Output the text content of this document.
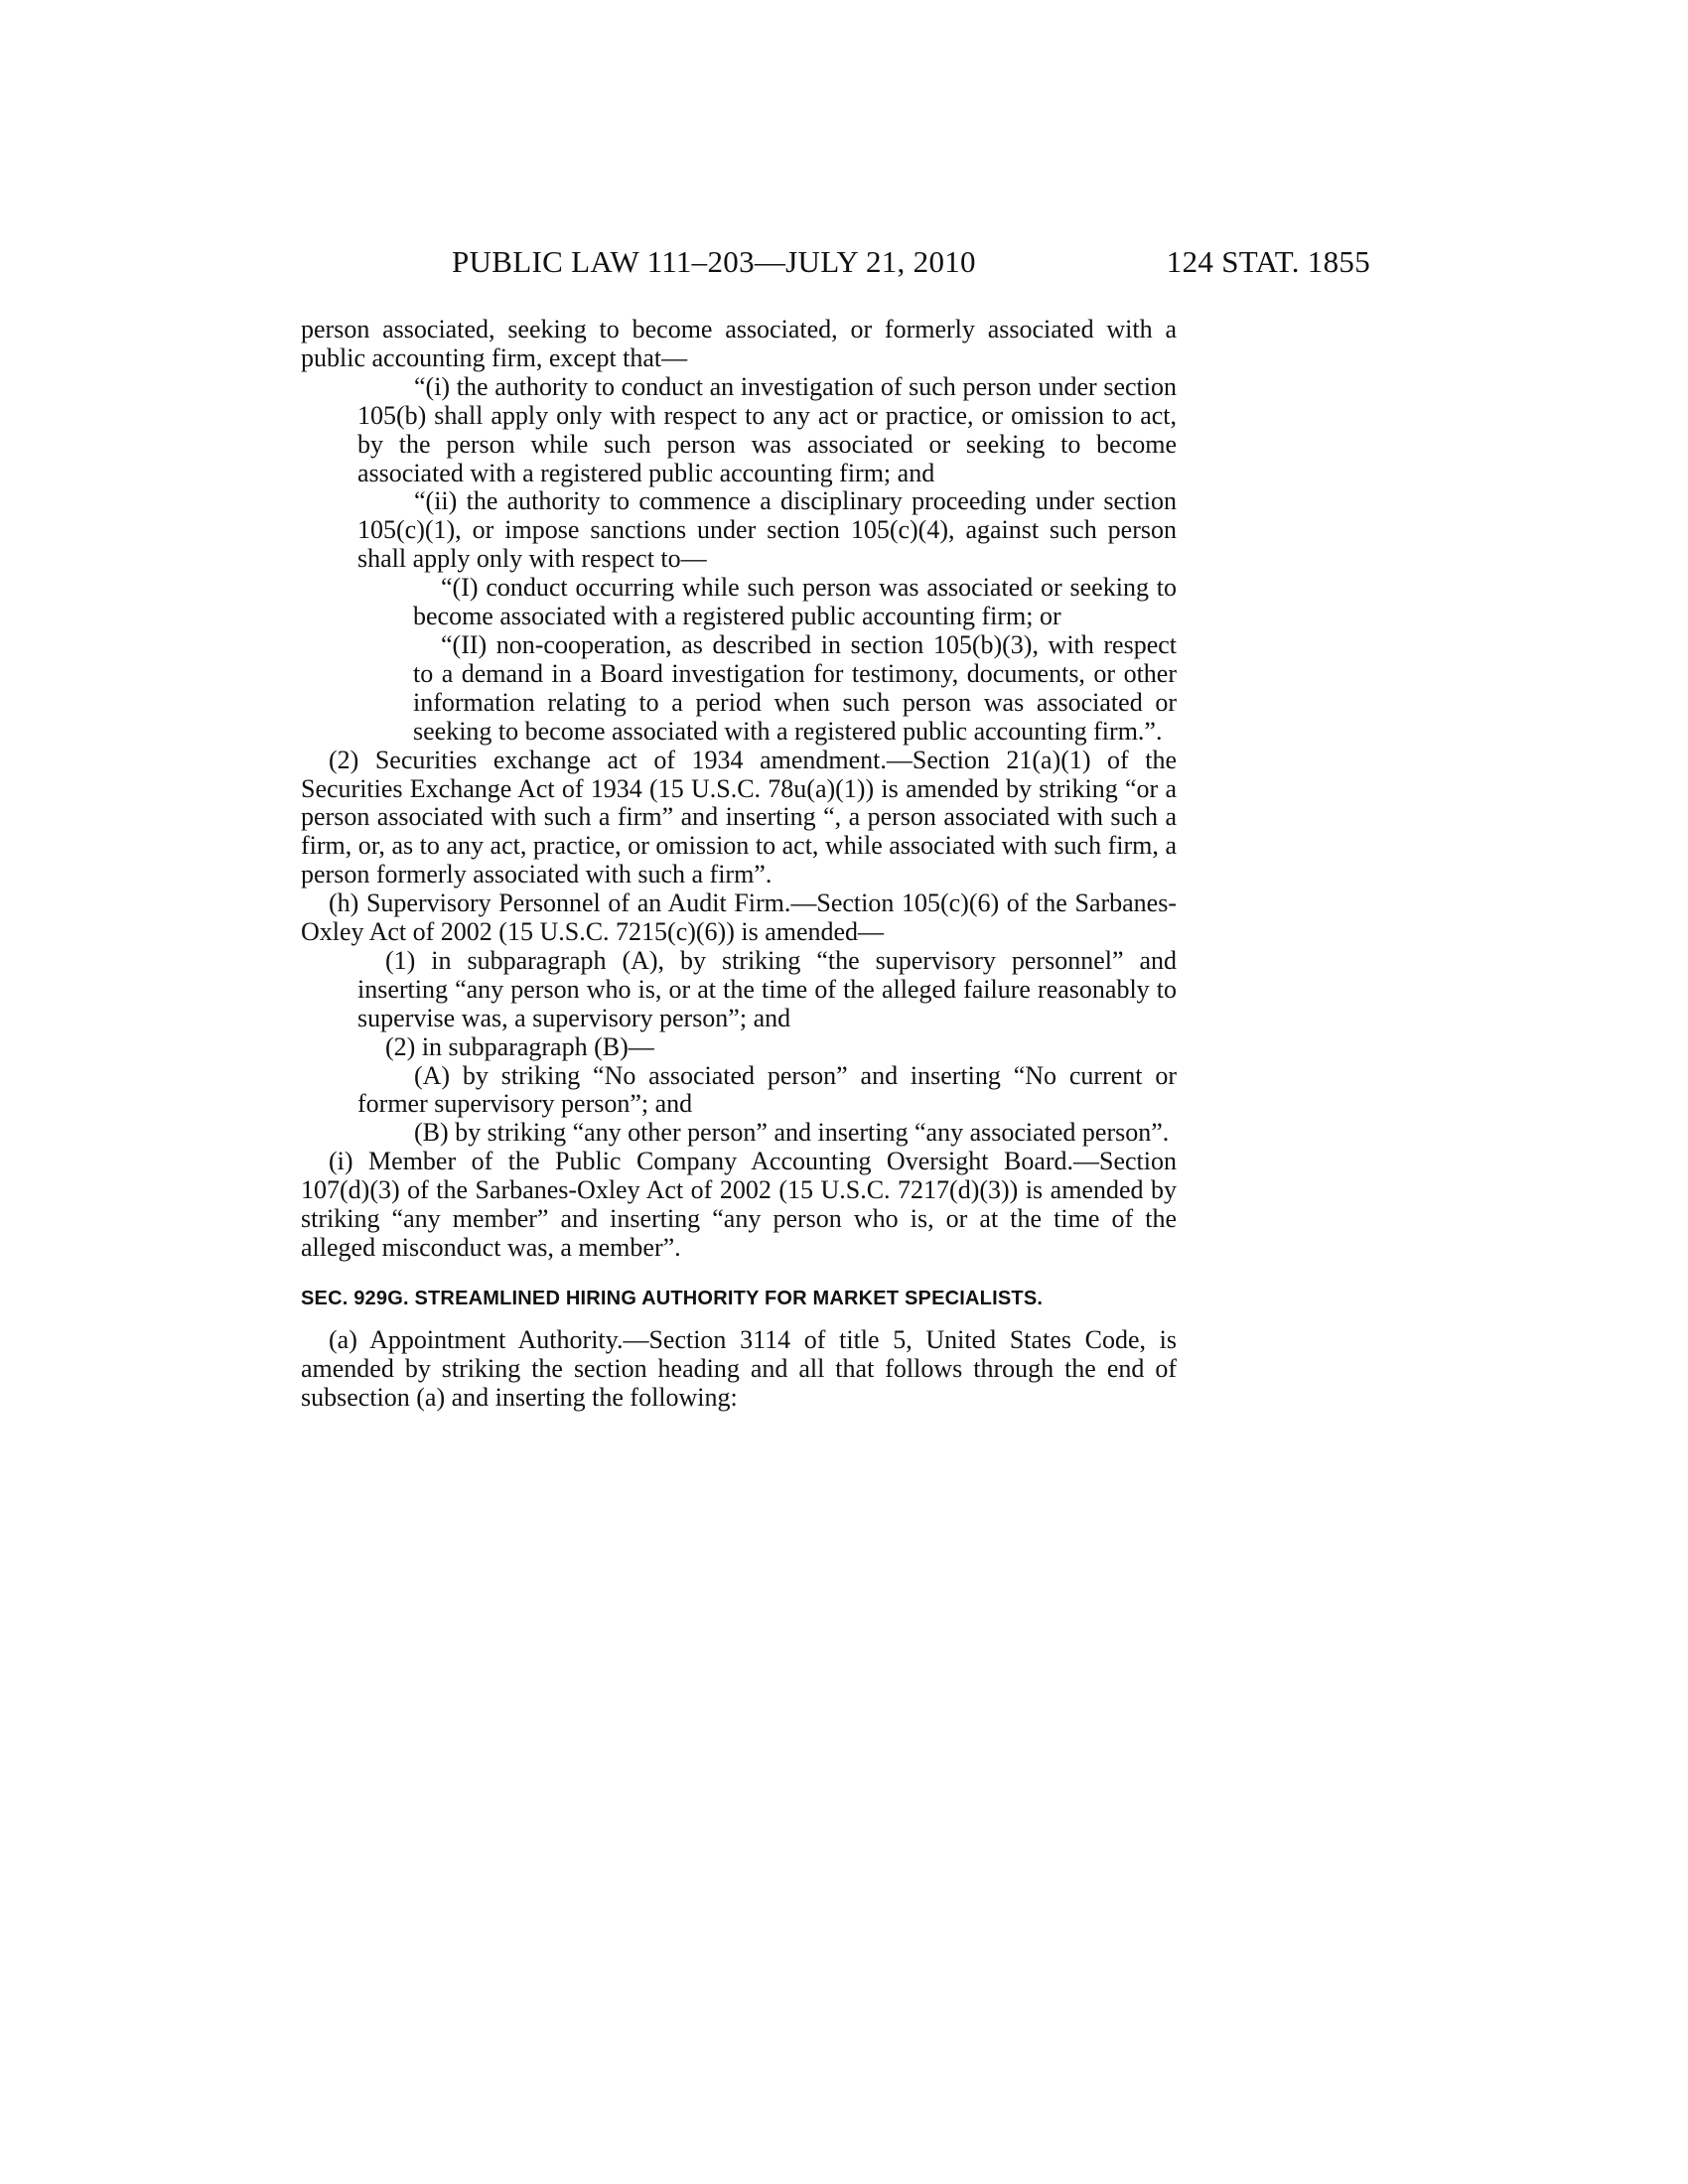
PUBLIC LAW 111–203—JULY 21, 2010	124 STAT. 1855

person associated, seeking to become associated, or formerly associated with a public accounting firm, except that—

“(i) the authority to conduct an investigation of such person under section 105(b) shall apply only with respect to any act or practice, or omission to act, by the person while such person was associated or seeking to become associated with a registered public accounting firm; and

“(ii) the authority to commence a disciplinary proceeding under section 105(c)(1), or impose sanctions under section 105(c)(4), against such person shall apply only with respect to—

“(I) conduct occurring while such person was associated or seeking to become associated with a registered public accounting firm; or

“(II) non-cooperation, as described in section 105(b)(3), with respect to a demand in a Board investigation for testimony, documents, or other information relating to a period when such person was associated or seeking to become associated with a registered public accounting firm.”.

(2) Securities exchange act of 1934 amendment.—Section 21(a)(1) of the Securities Exchange Act of 1934 (15 U.S.C. 78u(a)(1)) is amended by striking “or a person associated with such a firm” and inserting “, a person associated with such a firm, or, as to any act, practice, or omission to act, while associated with such firm, a person formerly associated with such a firm”.

(h) Supervisory Personnel of an Audit Firm.—Section 105(c)(6) of the Sarbanes-Oxley Act of 2002 (15 U.S.C. 7215(c)(6)) is amended—

(1) in subparagraph (A), by striking “the supervisory personnel” and inserting “any person who is, or at the time of the alleged failure reasonably to supervise was, a supervisory person”; and

(2) in subparagraph (B)—

(A) by striking “No associated person” and inserting “No current or former supervisory person”; and

(B) by striking “any other person” and inserting “any associated person”.

(i) Member of the Public Company Accounting Oversight Board.—Section 107(d)(3) of the Sarbanes-Oxley Act of 2002 (15 U.S.C. 7217(d)(3)) is amended by striking “any member” and inserting “any person who is, or at the time of the alleged misconduct was, a member”.

SEC. 929G. STREAMLINED HIRING AUTHORITY FOR MARKET SPECIALISTS.

(a) Appointment Authority.—Section 3114 of title 5, United States Code, is amended by striking the section heading and all that follows through the end of subsection (a) and inserting the following:
